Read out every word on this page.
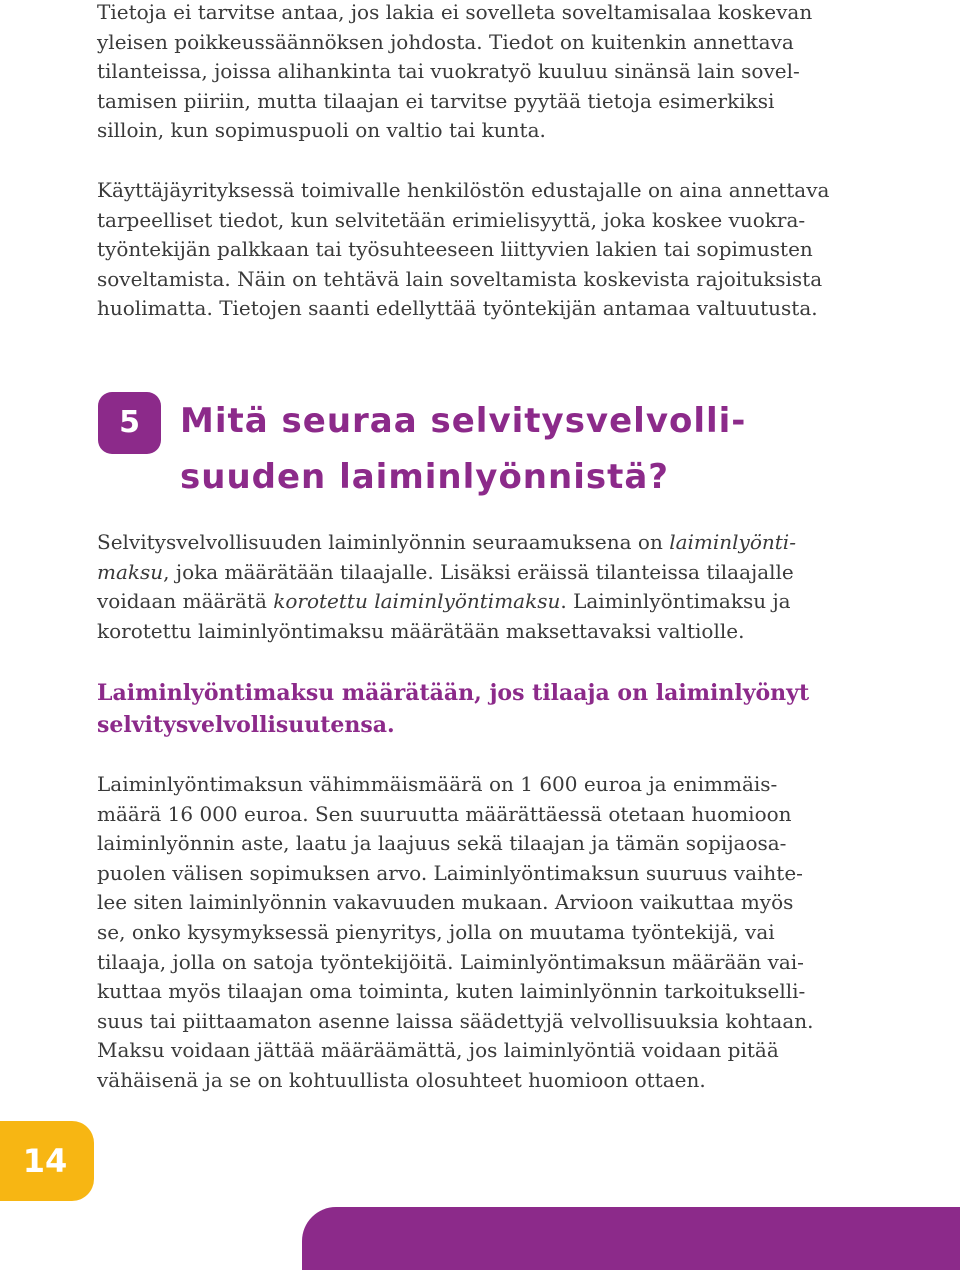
Tietoja ei tarvitse antaa, jos lakia ei sovelleta soveltamisalaa koskevan
yleisen poikkeussäännöksen johdosta. Tiedot on kuitenkin annettava
tilanteissa, joissa alihankinta tai vuokratyö kuuluu sinänsä lain sovel-
tamisen piiriin, mutta tilaajan ei tarvitse pyytää tietoja esimerkiksi
silloin, kun sopimuspuoli on valtio tai kunta.

Käyttäjäyrityksessä toimivalle henkilöstön edustajalle on aina annettava
tarpeelliset tiedot, kun selvitetään erimielisyyttä, joka koskee vuokra-
työntekijän palkkaan tai työsuhteeseen liittyvien lakien tai sopimusten
soveltamista. Näin on tehtävä lain soveltamista koskevista rajoituksista
huolimatta. Tietojen saanti edellyttää työntekijän antamaa valtuutusta.

5	Mitä seuraa selvitysvelvolli-
suuden laiminlyönnistä?

Selvitysvelvollisuuden laiminlyönnin seuraamuksena on laiminlyönti-
maksu, joka määrätään tilaajalle. Lisäksi eräissä tilanteissa tilaajalle
voidaan määrätä korotettu laiminlyöntimaksu. Laiminlyöntimaksu ja
korotettu laiminlyöntimaksu määrätään maksettavaksi valtiolle.

Laiminlyöntimaksu määrätään, jos tilaaja on laiminlyönyt
selvitysvelvollisuutensa.

Laiminlyöntimaksun vähimmäismäärä on 1 600 euroa ja enimmäis-
määrä 16 000 euroa. Sen suuruutta määrättäessä otetaan huomioon
laiminlyönnin aste, laatu ja laajuus sekä tilaajan ja tämän sopijaosa-
puolen välisen sopimuksen arvo. Laiminlyöntimaksun suuruus vaihte-
lee siten laiminlyönnin vakavuuden mukaan. Arvioon vaikuttaa myös
se, onko kysymyksessä pienyritys, jolla on muutama työntekijä, vai
tilaaja, jolla on satoja työntekijöitä. Laiminlyöntimaksun määrään vai-
kuttaa myös tilaajan oma toiminta, kuten laiminlyönnin tarkoitukselli-
suus tai piittaamaton asenne laissa säädettyjä velvollisuuksia kohtaan.
Maksu voidaan jättää määräämättä, jos laiminlyöntiä voidaan pitää
vähäisenä ja se on kohtuullista olosuhteet huomioon ottaen.

14
